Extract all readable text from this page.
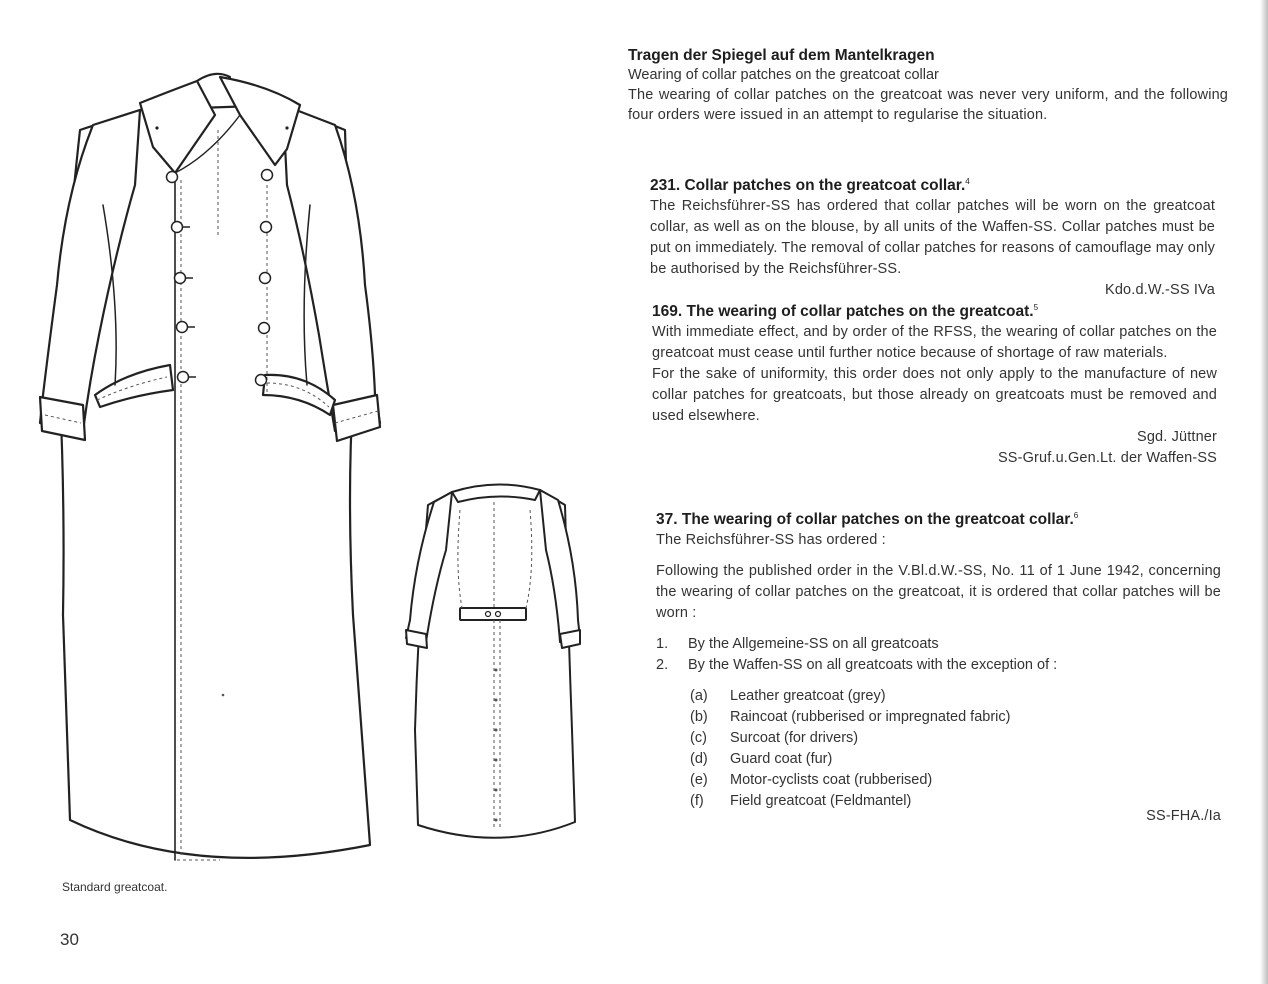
Standard greatcoat.
30
Tragen der Spiegel auf dem Mantelkragen
Wearing of collar patches on the greatcoat collar
The wearing of collar patches on the greatcoat was never very uniform, and the following four orders were issued in an attempt to regularise the situation.
231. Collar patches on the greatcoat collar.$^4$
The Reichsführer-SS has ordered that collar patches will be worn on the greatcoat collar, as well as on the blouse, by all units of the Waffen-SS. Collar patches must be put on immediately. The removal of collar patches for reasons of camouflage may only be authorised by the Reichsführer-SS.
Kdo.d.W.-SS IVa
169. The wearing of collar patches on the greatcoat.$^5$
With immediate effect, and by order of the RFSS, the wearing of collar patches on the greatcoat must cease until further notice because of shortage of raw materials.
For the sake of uniformity, this order does not only apply to the manufacture of new collar patches for greatcoats, but those already on greatcoats must be removed and used elsewhere.
Sgd. Jüttner
SS-Gruf.u.Gen.Lt. der Waffen-SS
37. The wearing of collar patches on the greatcoat collar.$^6$
The Reichsführer-SS has ordered :
Following the published order in the V.Bl.d.W.-SS, No. 11 of 1 June 1942, concerning the wearing of collar patches on the greatcoat, it is ordered that collar patches will be worn :
1.	By the Allgemeine-SS on all greatcoats
2.	By the Waffen-SS on all greatcoats with the exception of :
(a)	Leather greatcoat (grey)
(b)	Raincoat (rubberised or impregnated fabric)
(c)	Surcoat (for drivers)
(d)	Guard coat (fur)
(e)	Motor-cyclists coat (rubberised)
(f)	Field greatcoat (Feldmantel)
SS-FHA./Ia
